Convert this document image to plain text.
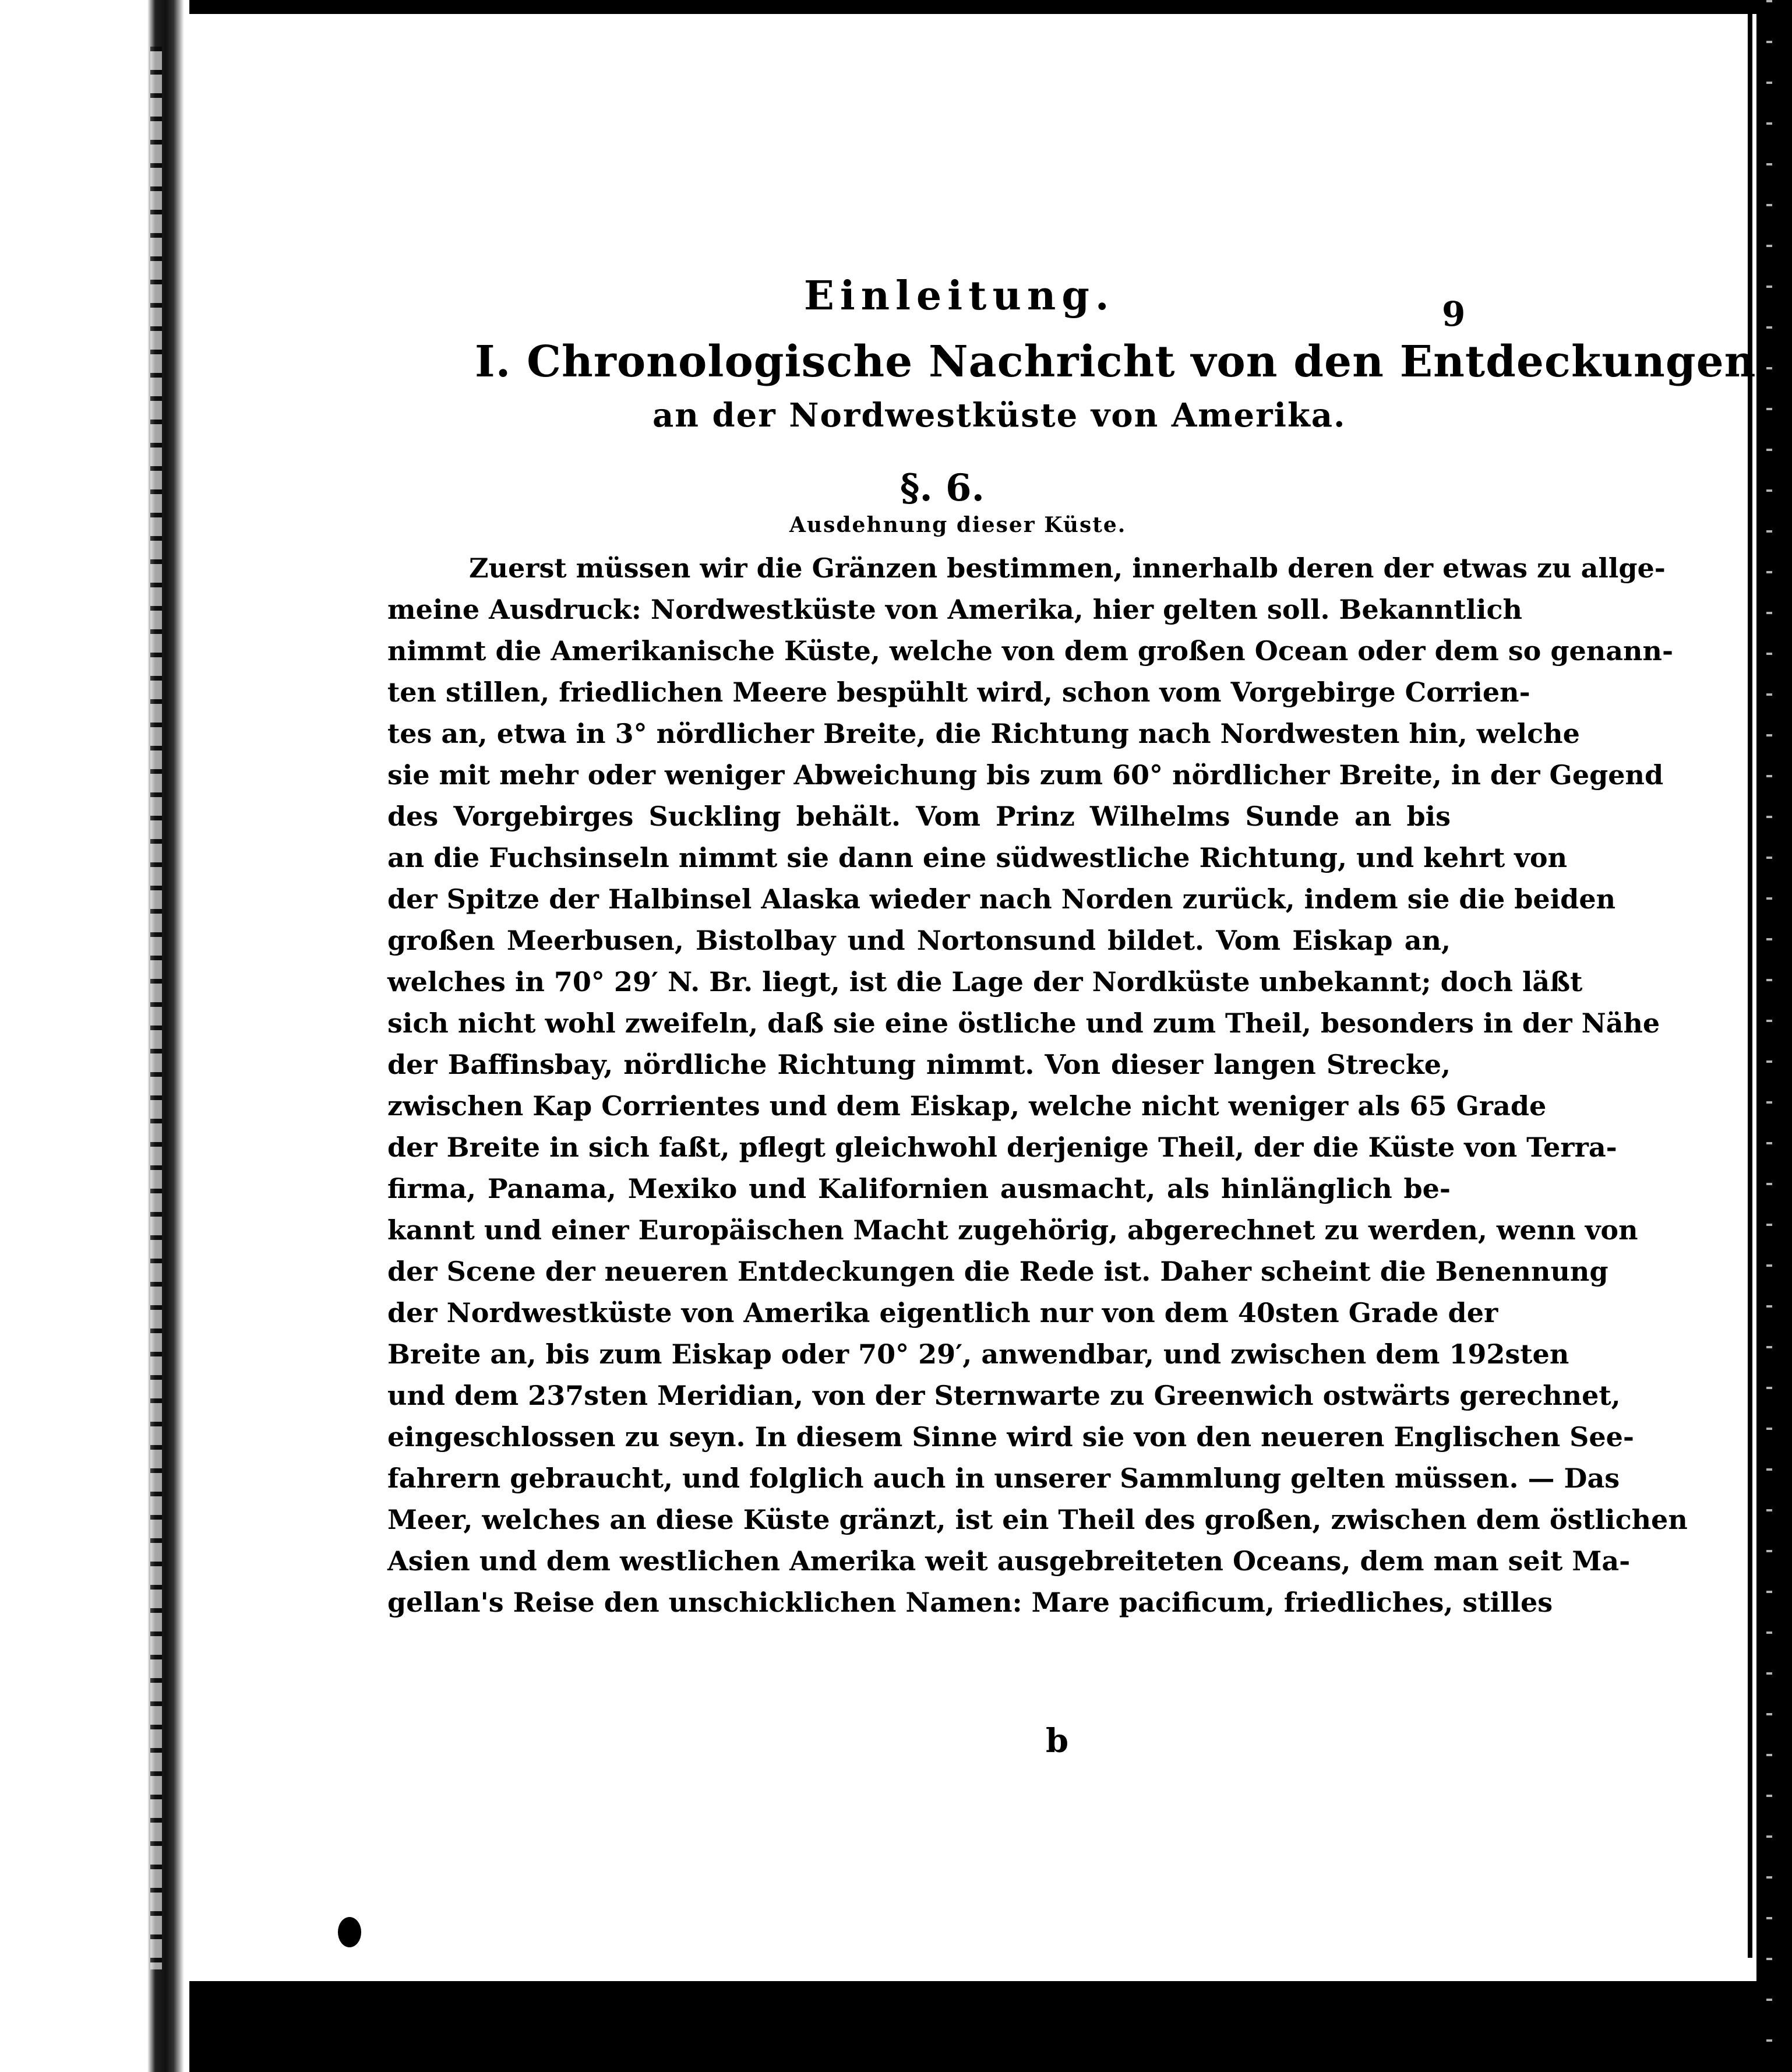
Einleitung.	9
I. Chronologische Nachricht von den Entdeckungen
an der Nordwestküste von Amerika.
§. 6.
Ausdehnung dieser Küste.
Zuerst müssen wir die Gränzen bestimmen, innerhalb deren der etwas zu allge-
meine Ausdruck: Nordwestküste von Amerika, hier gelten soll. Bekanntlich
nimmt die Amerikanische Küste, welche von dem großen Ocean oder dem so genann-
ten stillen, friedlichen Meere bespühlt wird, schon vom Vorgebirge Corrien-
tes an, etwa in 3° nördlicher Breite, die Richtung nach Nordwesten hin, welche
sie mit mehr oder weniger Abweichung bis zum 60° nördlicher Breite, in der Gegend
des Vorgebirges Suckling behält. Vom Prinz Wilhelms Sunde an bis
an die Fuchsinseln nimmt sie dann eine südwestliche Richtung, und kehrt von
der Spitze der Halbinsel Alaska wieder nach Norden zurück, indem sie die beiden
großen Meerbusen, Bistolbay und Nortonsund bildet. Vom Eiskap an,
welches in 70° 29′ N. Br. liegt, ist die Lage der Nordküste unbekannt; doch läßt
sich nicht wohl zweifeln, daß sie eine östliche und zum Theil, besonders in der Nähe
der Baffinsbay, nördliche Richtung nimmt. Von dieser langen Strecke,
zwischen Kap Corrientes und dem Eiskap, welche nicht weniger als 65 Grade
der Breite in sich faßt, pflegt gleichwohl derjenige Theil, der die Küste von Terra-
firma, Panama, Mexiko und Kalifornien ausmacht, als hinlänglich be-
kannt und einer Europäischen Macht zugehörig, abgerechnet zu werden, wenn von
der Scene der neueren Entdeckungen die Rede ist. Daher scheint die Benennung
der Nordwestküste von Amerika eigentlich nur von dem 40sten Grade der
Breite an, bis zum Eiskap oder 70° 29′, anwendbar, und zwischen dem 192sten
und dem 237sten Meridian, von der Sternwarte zu Greenwich ostwärts gerechnet,
eingeschlossen zu seyn. In diesem Sinne wird sie von den neueren Englischen See-
fahrern gebraucht, und folglich auch in unserer Sammlung gelten müssen. — Das
Meer, welches an diese Küste gränzt, ist ein Theil des großen, zwischen dem östlichen
Asien und dem westlichen Amerika weit ausgebreiteten Oceans, dem man seit Ma-
gellan's Reise den unschicklichen Namen: Mare pacificum, friedliches, stilles
b
